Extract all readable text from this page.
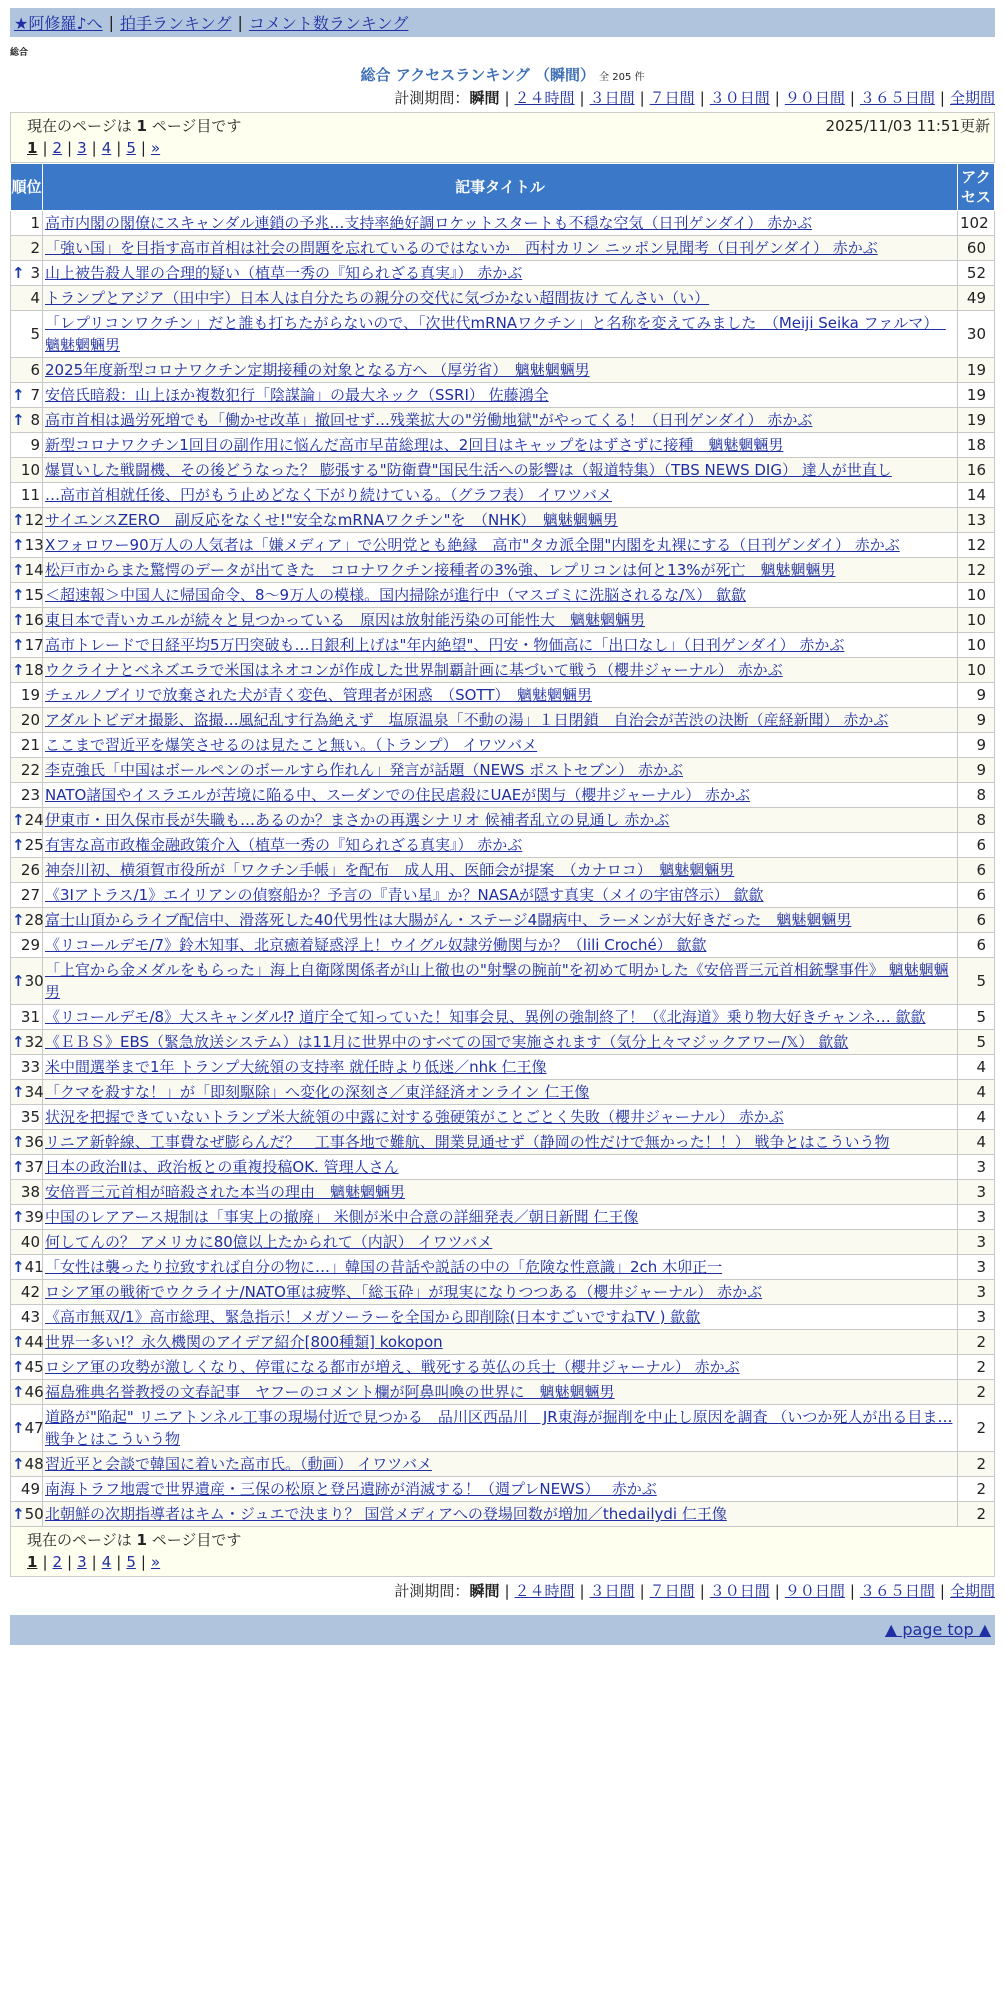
★阿修羅♪へ | 拍手ランキング | コメント数ランキング
総合
総合 アクセスランキング （瞬間） 全 205 件
計測期間：瞬間 | ２４時間 | ３日間 | ７日間 | ３０日間 | ９０日間 | ３６５日間 | 全期間
現在のページは 1 ページ目です	2025/11/03 11:51更新
1 | 2 | 3 | 4 | 5 | »
順位	記事タイトル	アクセス
1	高市内閣の閣僚にスキャンダル連鎖の予兆…支持率絶好調ロケットスタートも不穏な空気（日刊ゲンダイ） 赤かぶ	102
2	「強い国」を目指す高市首相は社会の問題を忘れているのではないか　西村カリン ニッポン見聞考（日刊ゲンダイ） 赤かぶ	60

↑ 3	山上被告殺人罪の合理的疑い（植草一秀の『知られざる真実』） 赤かぶ	52
4	トランプとアジア（田中宇）日本人は自分たちの親分の交代に気づかない超間抜け てんさい（い）	49
5	「レプリコンワクチン」だと誰も打ちたがらないので、「次世代mRNAワクチン」と名称を変えてみました　（Meiji Seika ファルマ）　魑魅魍魎男	30
6	2025年度新型コロナワクチン定期接種の対象となる方へ （厚労省）　魑魅魍魎男	19

↑ 7	安倍氏暗殺：山上ほか複数犯行「陰謀論」の最大ネック（SSRI） 佐藤鴻全	19

↑ 8	高市首相は過労死増でも「働かせ改革」撤回せず…残業拡大の"労働地獄"がやってくる！（日刊ゲンダイ） 赤かぶ	19
9	新型コロナワクチン1回目の副作用に悩んだ高市早苗総理は、2回目はキャップをはずさずに接種　魑魅魍魎男	18
10	爆買いした戦闘機、その後どうなった？ 膨張する"防衛費"国民生活への影響は（報道特集）（TBS NEWS DIG） 達人が世直し	16
11	…高市首相就任後、円がもう止めどなく下がり続けている。（グラフ表） イワツバメ	14

↑ 12	サイエンスZERO　副反応をなくせ!"安全なmRNAワクチン"を　（NHK）　魑魅魍魎男	13

↑ 13	Xフォロワー90万人の人気者は「嫌メディア」で公明党とも絶縁　高市"タカ派全開"内閣を丸裸にする（日刊ゲンダイ） 赤かぶ	12

↑ 14	松戸市からまた驚愕のデータが出てきた　コロナワクチン接種者の3%強、レプリコンは何と13%が死亡　魑魅魍魎男	12

↑ 15	＜超速報＞中国人に帰国命令、8～9万人の模様。国内掃除が進行中（マスゴミに洗脳されるな/𝕏） 歙歙	10

↑ 16	東日本で青いカエルが続々と見つかっている　原因は放射能汚染の可能性大　魑魅魍魎男	10

↑ 17	高市トレードで日経平均5万円突破も…日銀利上げは"年内絶望"、円安・物価高に「出口なし」（日刊ゲンダイ） 赤かぶ	10

↑ 18	ウクライナとベネズエラで米国はネオコンが作成した世界制覇計画に基づいて戦う（櫻井ジャーナル） 赤かぶ	10
19	チェルノブイリで放棄された犬が青く変色、管理者が困惑　（SOTT）　魑魅魍魎男	9
20	アダルトビデオ撮影、盗撮…風紀乱す行為絶えず　塩原温泉「不動の湯」１日閉鎖　自治会が苦渋の決断（産経新聞） 赤かぶ	9
21	ここまで習近平を爆笑させるのは見たこと無い。（トランプ） イワツバメ	9
22	李克強氏「中国はボールペンのボールすら作れん」発言が話題（NEWS ポストセブン） 赤かぶ	9
23	NATO諸国やイスラエルが苦境に陥る中、スーダンでの住民虐殺にUAEが関与（櫻井ジャーナル） 赤かぶ	8

↑ 24	伊東市・田久保市長が失職も…あるのか？まさかの再選シナリオ 候補者乱立の見通し 赤かぶ	8

↑ 25	有害な高市政権金融政策介入（植草一秀の『知られざる真実』） 赤かぶ	6
26	神奈川初、横須賀市役所が「ワクチン手帳」を配布　成人用、医師会が提案　（カナロコ）　魑魅魍魎男	6
27	《3Iアトラス/1》エイリアンの偵察船か？予言の『青い星』か？NASAが隠す真実（メイの宇宙啓示） 歙歙	6

↑ 28	富士山頂からライブ配信中、滑落死した40代男性は大腸がん・ステージ4闘病中、ラーメンが大好きだった　魑魅魍魎男	6
29	《リコールデモ/7》鈴木知事、北京癒着疑惑浮上！ウイグル奴隷労働関与か？（lili Croché） 歙歙	6

↑ 30	「上官から金メダルをもらった」海上自衛隊関係者が山上徹也の"射撃の腕前"を初めて明かした《安倍晋三元首相銃撃事件》 魑魅魍魎男	5
31	《リコールデモ/8》大スキャンダル⁉ 道庁全て知っていた！知事会見、異例の強制終了！（《北海道》乗り物大好きチャンネ… 歙歙	5

↑ 32	《ＥＢＳ》EBS（緊急放送システム）は11月に世界中のすべての国で実施されます（気分上々マジックアワー/𝕏） 歙歙	5
33	米中間選挙まで1年 トランプ大統領の支持率 就任時より低迷／nhk 仁王像	4

↑ 34	「クマを殺すな！」が「即刻駆除」へ変化の深刻さ／東洋経済オンライン 仁王像	4
35	状況を把握できていないトランプ米大統領の中露に対する強硬策がことごとく失敗（櫻井ジャーナル） 赤かぶ	4

↑ 36	リニア新幹線、工事費なぜ膨らんだ？　工事各地で難航、開業見通せず（静岡の性だけで無かった！！） 戦争とはこういう物	4

↑ 37	日本の政治Ⅱは、政治板との重複投稿OK. 管理人さん	3
38	安倍晋三元首相が暗殺された本当の理由　魑魅魍魎男	3

↑ 39	中国のレアアース規制は「事実上の撤廃」 米側が米中合意の詳細発表／朝日新聞 仁王像	3
40	何してんの？ アメリカに80億以上たかられて（内訳） イワツバメ	3

↑ 41	「女性は襲ったり拉致すれば自分の物に…」韓国の昔話や説話の中の「危険な性意識」2ch 木卯正一	3
42	ロシア軍の戦術でウクライナ/NATO軍は疲弊、「総玉砕」が現実になりつつある（櫻井ジャーナル） 赤かぶ	3
43	《高市無双/1》高市総理、緊急指示！メガソーラーを全国から即削除(日本すごいですねTV ) 歙歙	3

↑ 44	世界一多い!？永久機関のアイデア紹介[800種類] kokopon	2

↑ 45	ロシア軍の攻勢が激しくなり、停電になる都市が増え、戦死する英仏の兵士（櫻井ジャーナル） 赤かぶ	2

↑ 46	福島雅典名誉教授の文春記事　ヤフーのコメント欄が阿鼻叫喚の世界に　魑魅魍魎男	2

↑ 47	道路が"陥起" リニアトンネル工事の現場付近で見つかる　品川区西品川　JR東海が掘削を中止し原因を調査 （いつか死人が出る目ま… 戦争とはこういう物	2

↑ 48	習近平と会談で韓国に着いた高市氏。（動画） イワツバメ	2
49	南海トラフ地震で世界遺産・三保の松原と登呂遺跡が消滅する！（週プレNEWS）　 赤かぶ	2

↑ 50	北朝鮮の次期指導者はキム・ジュエで決まり？ 国営メディアへの登場回数が増加／thedailydi 仁王像	2
現在のページは 1 ページ目です
1 | 2 | 3 | 4 | 5 | »
計測期間：瞬間 | ２４時間 | ３日間 | ７日間 | ３０日間 | ９０日間 | ３６５日間 | 全期間
▲ page top ▲
